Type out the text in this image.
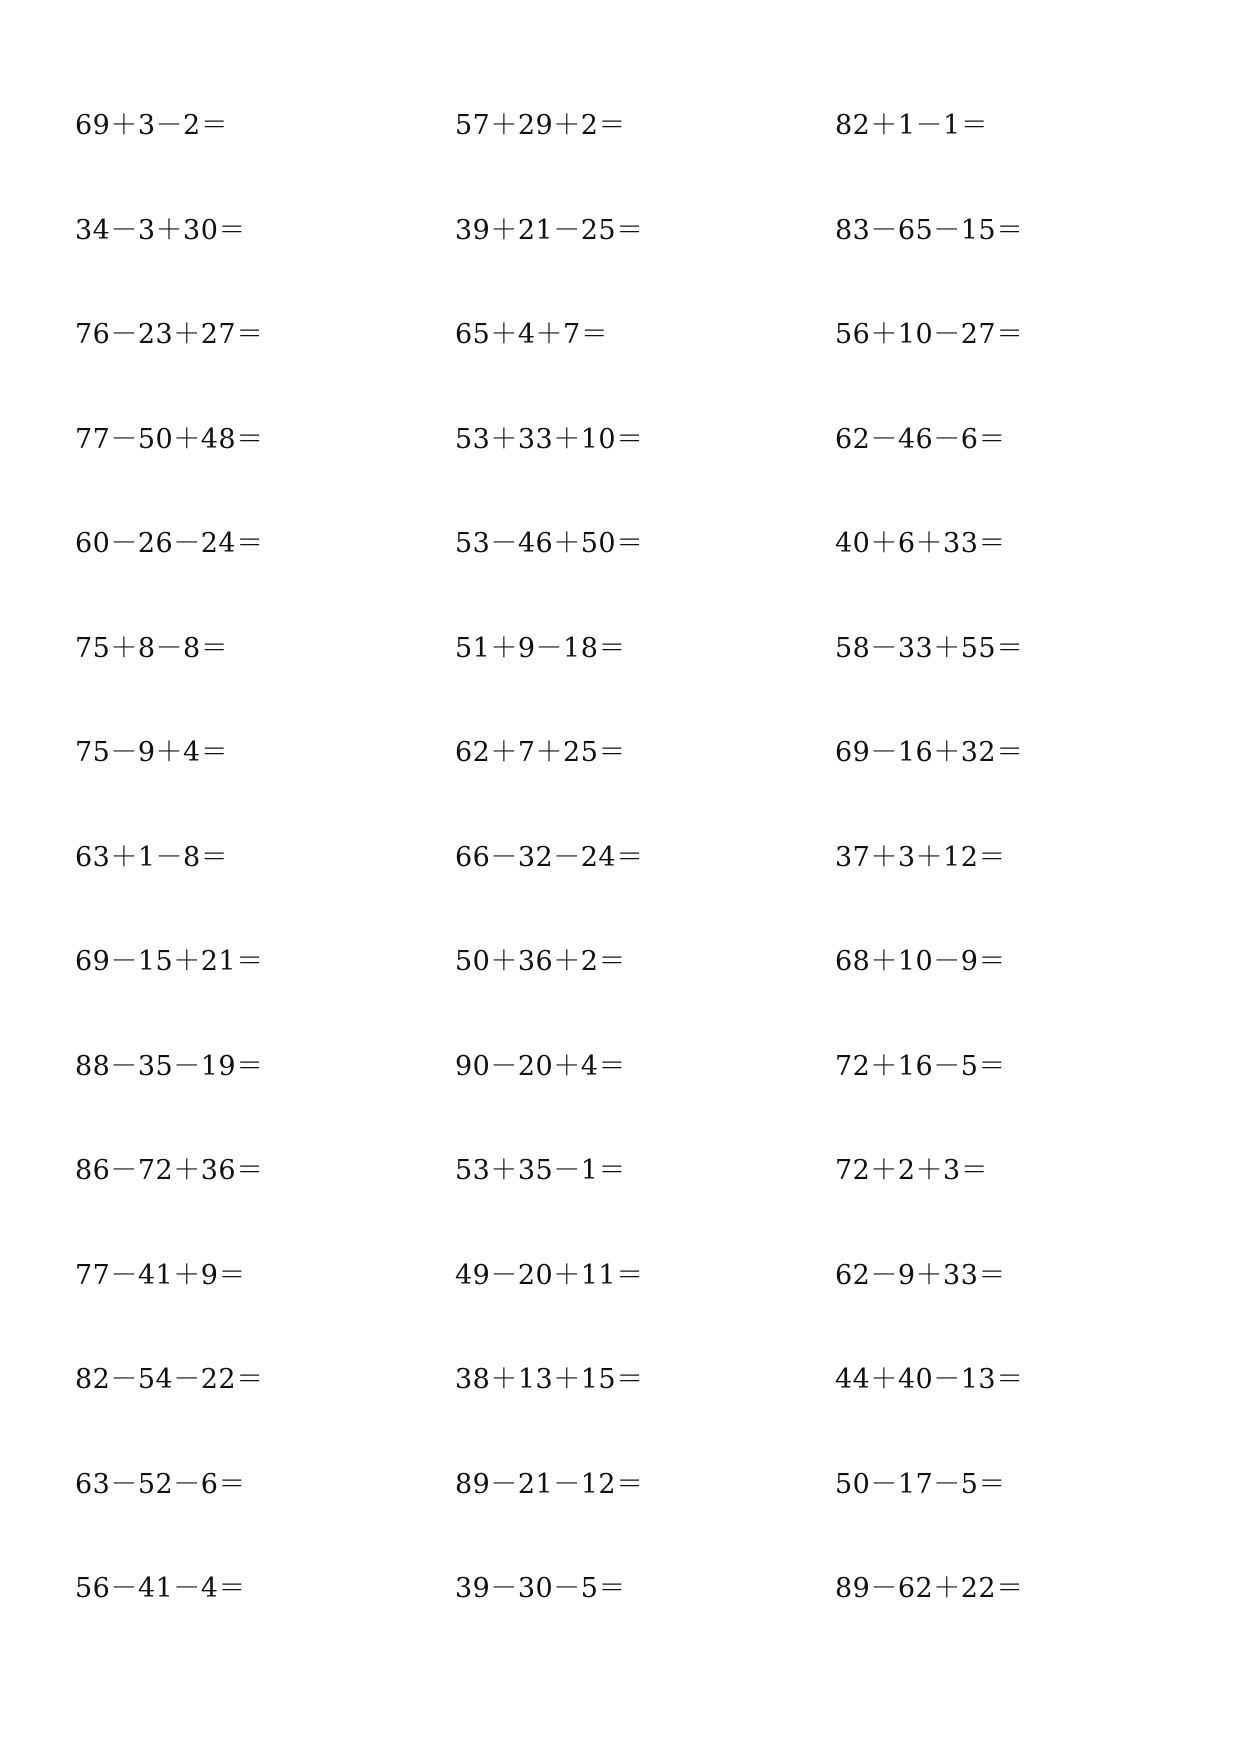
69＋3－2＝	57＋29＋2＝	82＋1－1＝
34－3＋30＝	39＋21－25＝	83－65－15＝
76－23＋27＝	65＋4＋7＝	56＋10－27＝
77－50＋48＝	53＋33＋10＝	62－46－6＝
60－26－24＝	53－46＋50＝	40＋6＋33＝
75＋8－8＝	51＋9－18＝	58－33＋55＝
75－9＋4＝	62＋7＋25＝	69－16＋32＝
63＋1－8＝	66－32－24＝	37＋3＋12＝
69－15＋21＝	50＋36＋2＝	68＋10－9＝
88－35－19＝	90－20＋4＝	72＋16－5＝
86－72＋36＝	53＋35－1＝	72＋2＋3＝
77－41＋9＝	49－20＋11＝	62－9＋33＝
82－54－22＝	38＋13＋15＝	44＋40－13＝
63－52－6＝	89－21－12＝	50－17－5＝
56－41－4＝	39－30－5＝	89－62＋22＝
